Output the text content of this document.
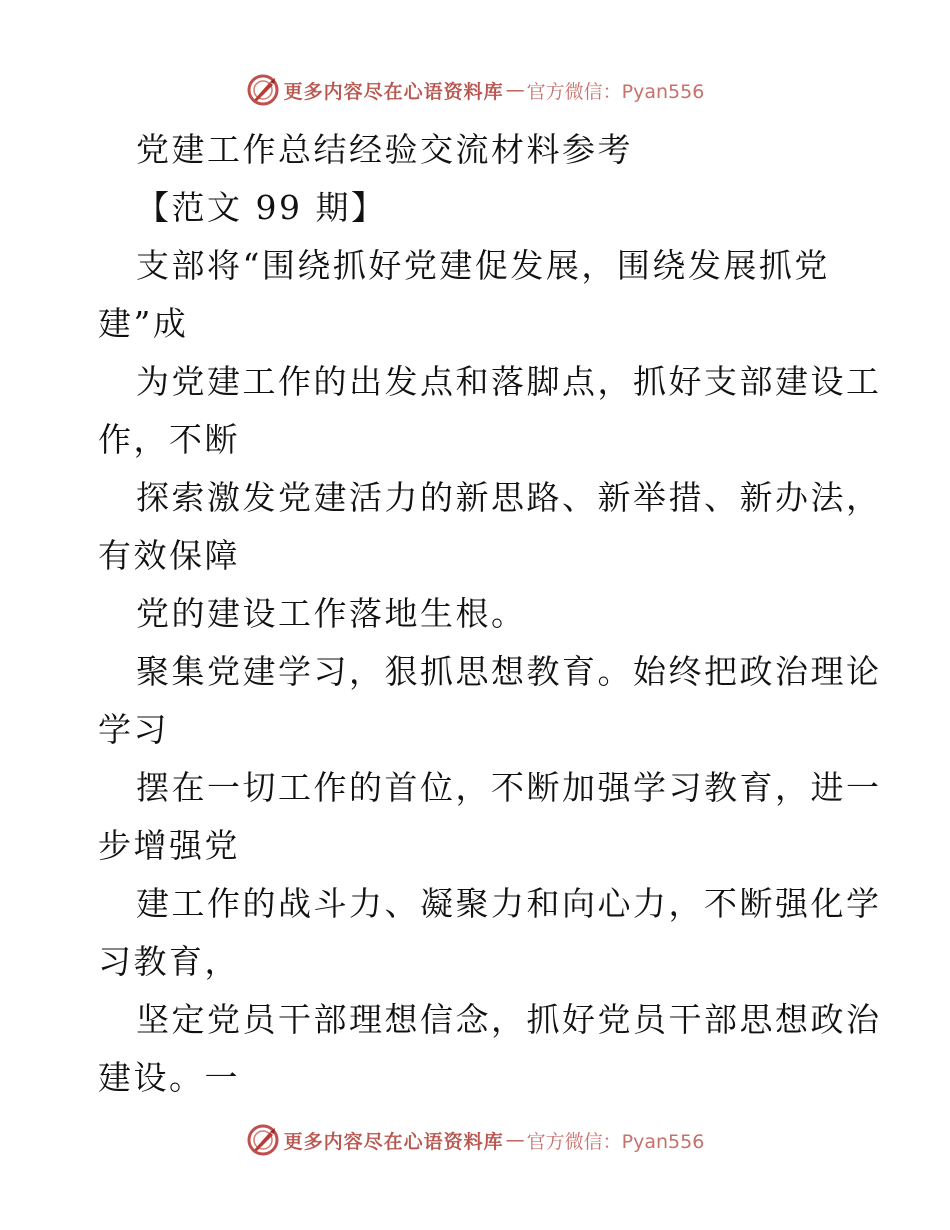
更多内容尽在心语资料库 — 官方微信：Pyan556
党建工作总结经验交流材料参考
【范文 99 期】
支部将“围绕抓好党建促发展，围绕发展抓党
建”成
为党建工作的出发点和落脚点，抓好支部建设工
作，不断
探索激发党建活力的新思路、新举措、新办法，
有效保障
党的建设工作落地生根。
聚集党建学习，狠抓思想教育。始终把政治理论
学习
摆在一切工作的首位，不断加强学习教育，进一
步增强党
建工作的战斗力、凝聚力和向心力，不断强化学
习教育，
坚定党员干部理想信念，抓好党员干部思想政治
建设。一
更多内容尽在心语资料库 — 官方微信：Pyan556
